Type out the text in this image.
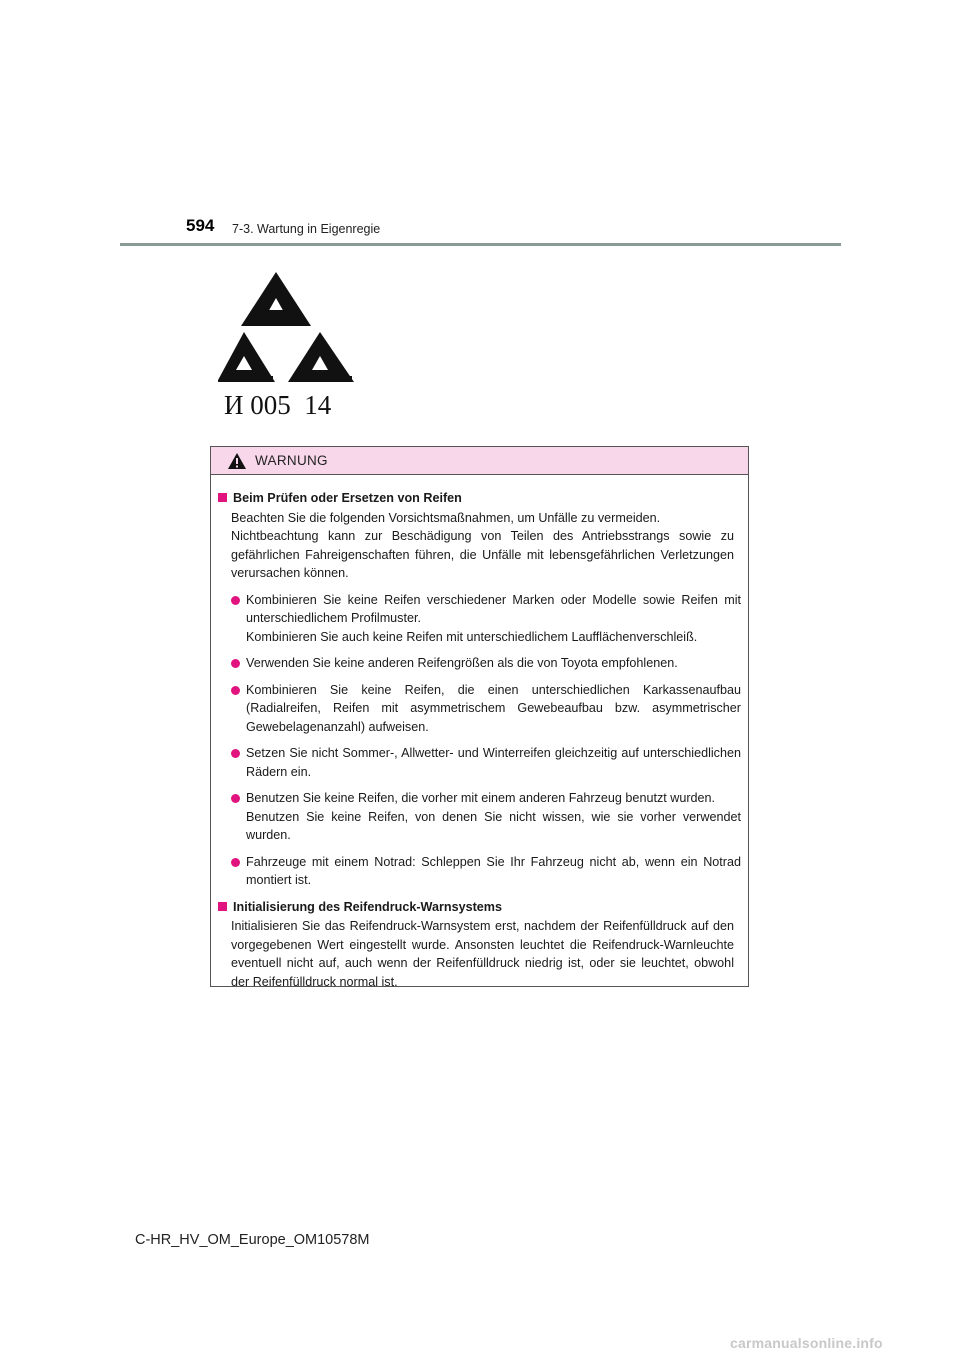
594 7-3. Wartung in Eigenregie
И 005  14
WARNUNG
Beim Prüfen oder Ersetzen von Reifen
Beachten Sie die folgenden Vorsichtsmaßnahmen, um Unfälle zu vermeiden.
Nichtbeachtung kann zur Beschädigung von Teilen des Antriebsstrangs sowie zu gefährlichen Fahreigenschaften führen, die Unfälle mit lebensgefährlichen Verletzungen verursachen können.
Kombinieren Sie keine Reifen verschiedener Marken oder Modelle sowie Reifen mit unterschiedlichem Profilmuster.
Kombinieren Sie auch keine Reifen mit unterschiedlichem Laufflächenverschleiß.
Verwenden Sie keine anderen Reifengrößen als die von Toyota empfohlenen.
Kombinieren Sie keine Reifen, die einen unterschiedlichen Karkassenaufbau (Radialreifen, Reifen mit asymmetrischem Gewebeaufbau bzw. asymmetrischer Gewebelagenanzahl) aufweisen.
Setzen Sie nicht Sommer-, Allwetter- und Winterreifen gleichzeitig auf unterschiedlichen Rädern ein.
Benutzen Sie keine Reifen, die vorher mit einem anderen Fahrzeug benutzt wurden.
Benutzen Sie keine Reifen, von denen Sie nicht wissen, wie sie vorher verwendet wurden.
Fahrzeuge mit einem Notrad: Schleppen Sie Ihr Fahrzeug nicht ab, wenn ein Notrad montiert ist.
Initialisierung des Reifendruck-Warnsystems
Initialisieren Sie das Reifendruck-Warnsystem erst, nachdem der Reifenfülldruck auf den vorgegebenen Wert eingestellt wurde. Ansonsten leuchtet die Reifendruck-Warnleuchte eventuell nicht auf, auch wenn der Reifenfülldruck niedrig ist, oder sie leuchtet, obwohl der Reifenfülldruck normal ist.
C-HR_HV_OM_Europe_OM10578M
carmanualsonline.info
